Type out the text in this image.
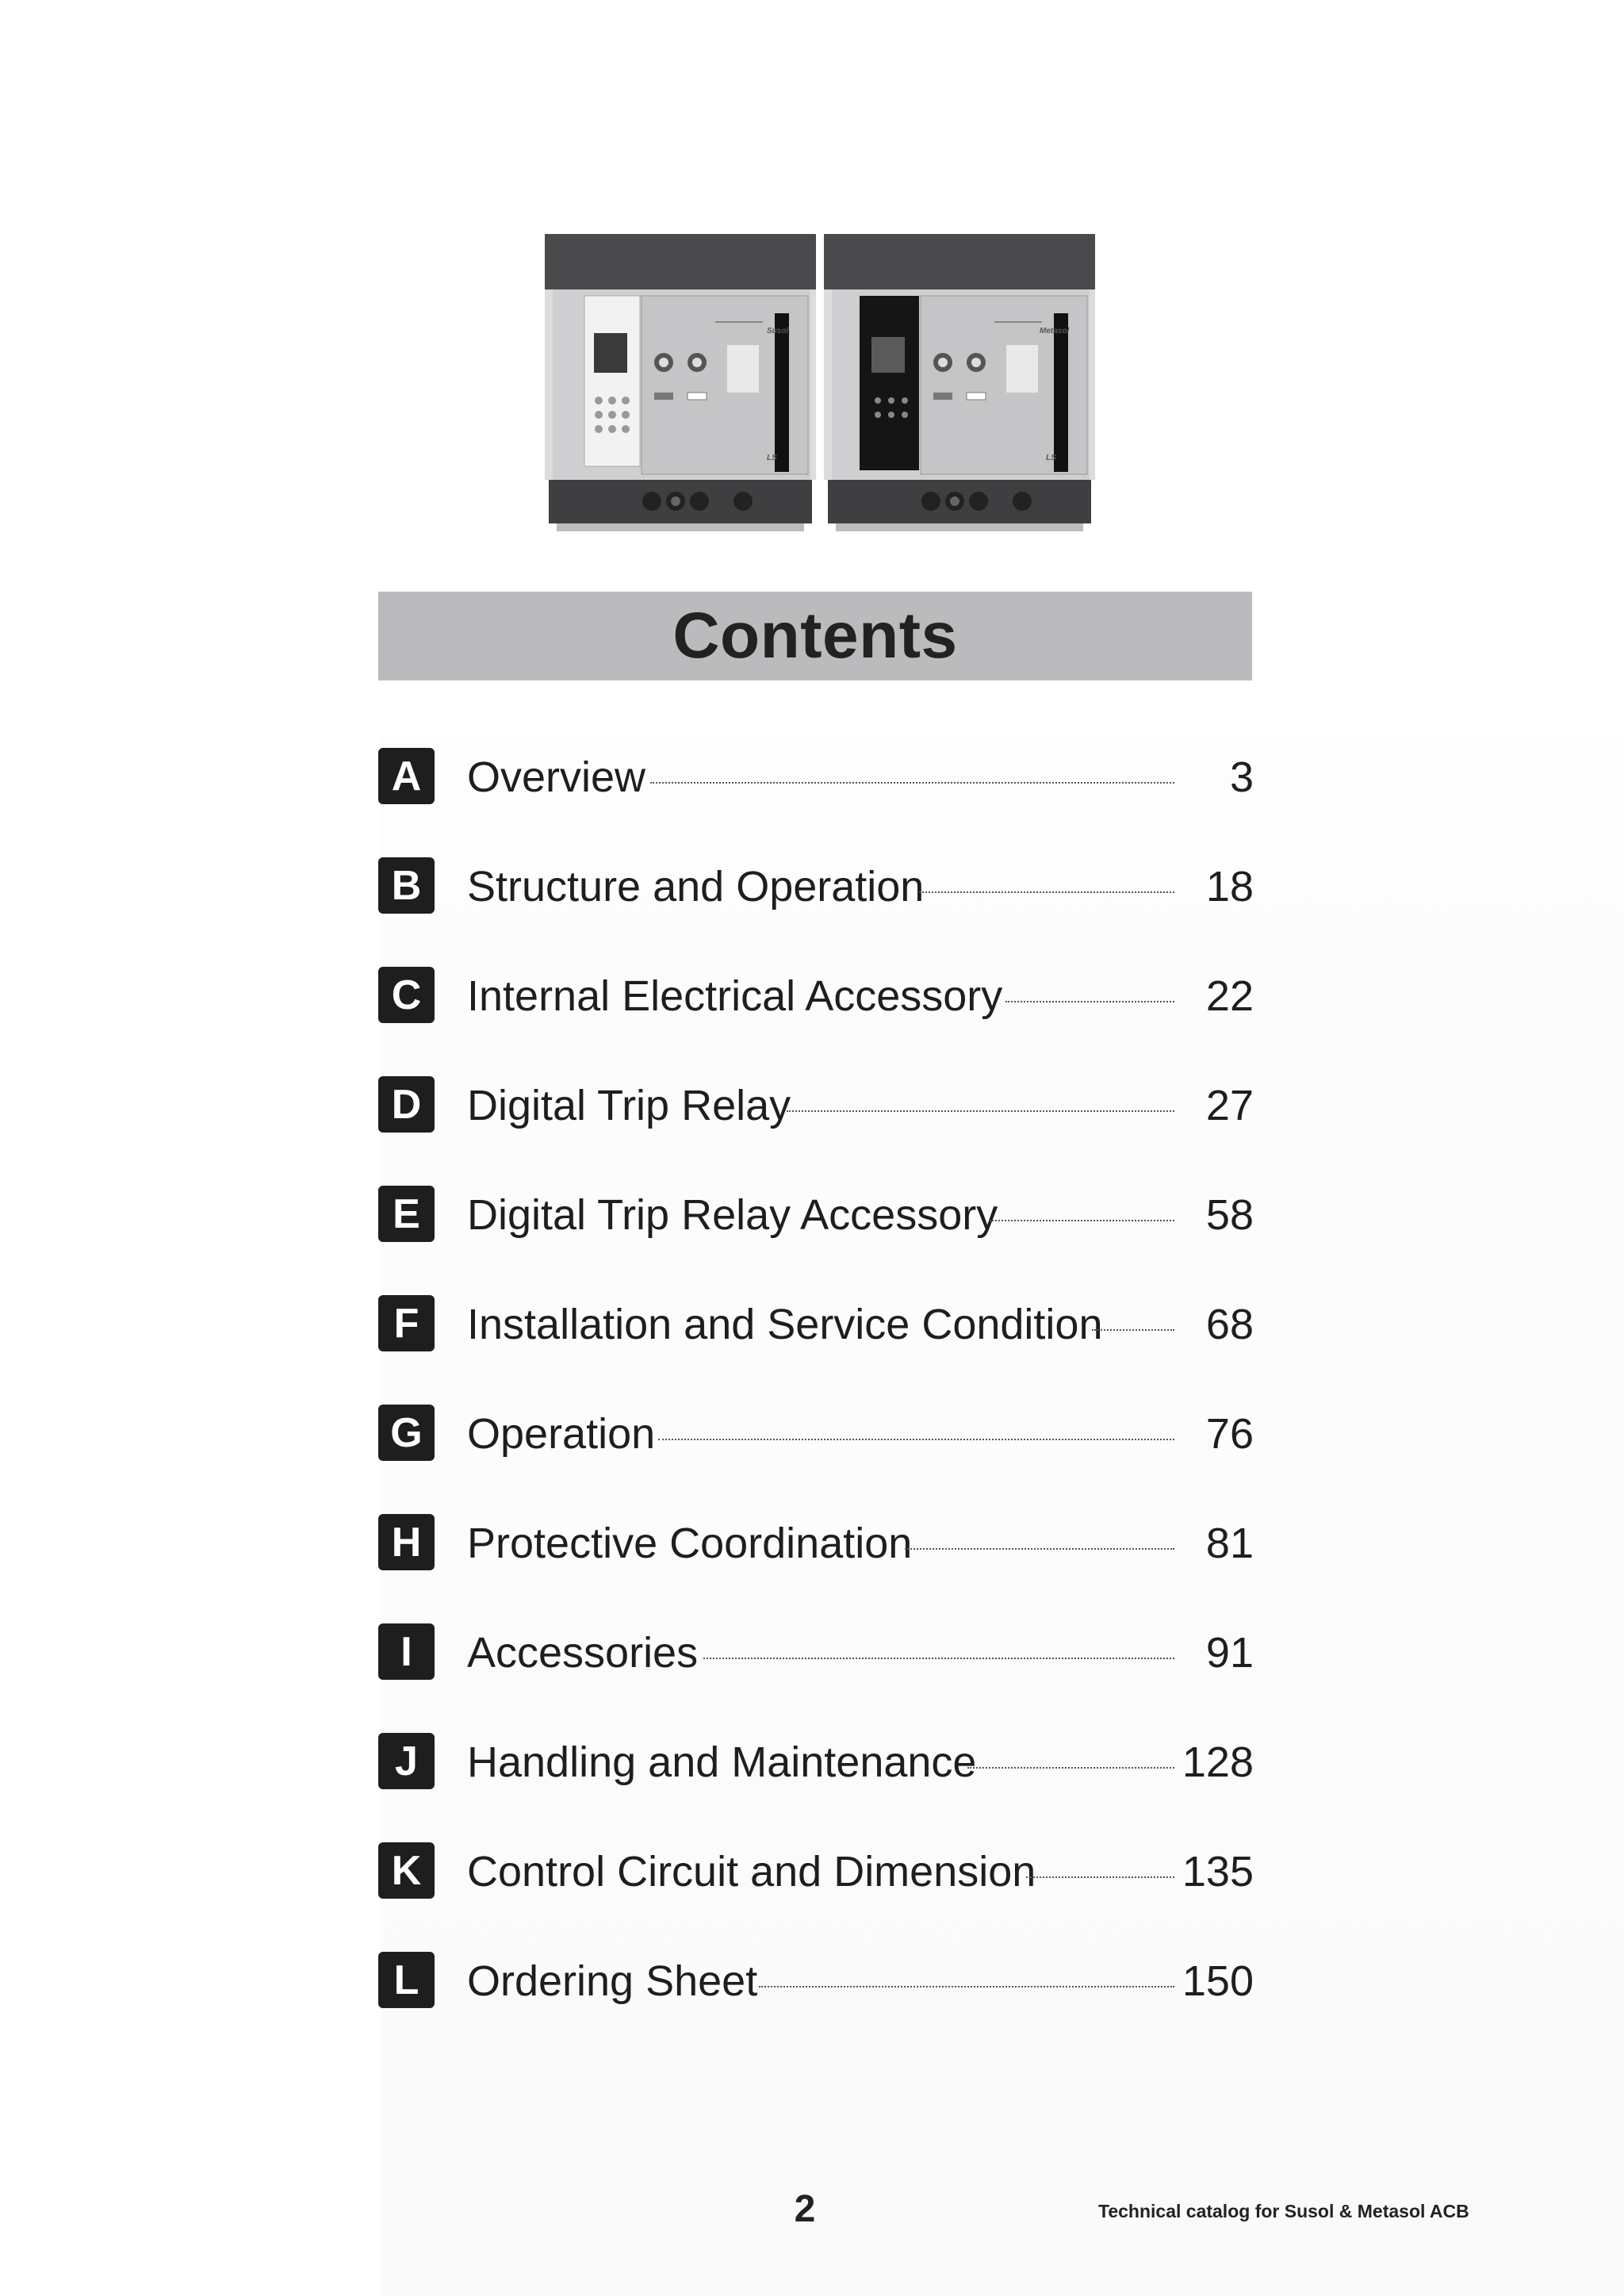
Susol
LS
Metasol
LS
Contents
A	Overview	3
B	Structure and Operation	18
C	Internal Electrical Accessory	22
D	Digital Trip Relay	27
E	Digital Trip Relay Accessory	58
F	Installation and Service Condition 68
G Operation	76
H	Protective Coordination	81
I	Accessories	91
J	Handling and Maintenance	128
K	Control Circuit and Dimension	135
L	Ordering Sheet	150
2	Technical catalog for Susol & Metasol ACB
